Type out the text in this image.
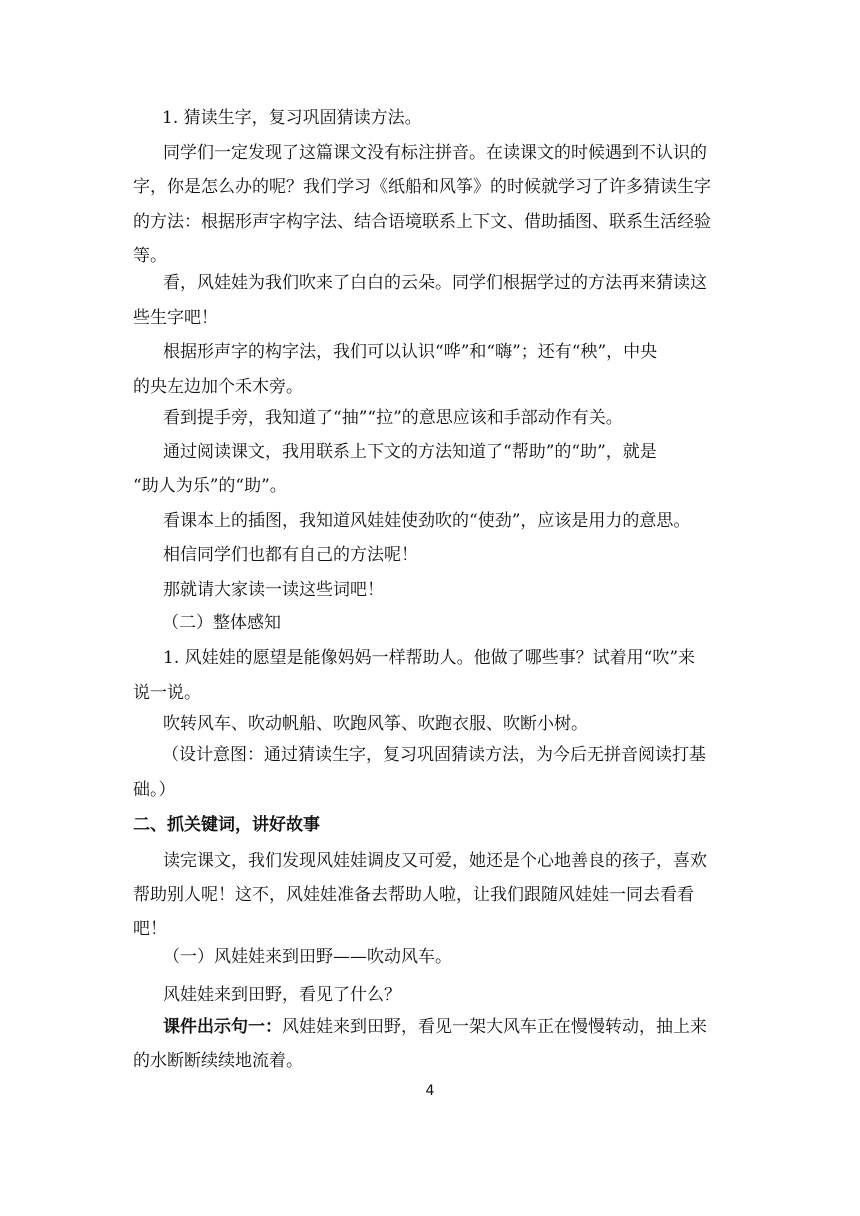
1. 猜读生字，复习巩固猜读方法。
同学们一定发现了这篇课文没有标注拼音。在读课文的时候遇到不认识的
字，你是怎么办的呢？我们学习《纸船和风筝》的时候就学习了许多猜读生字
的方法：根据形声字构字法、结合语境联系上下文、借助插图、联系生活经验
等。
看，风娃娃为我们吹来了白白的云朵。同学们根据学过的方法再来猜读这
些生字吧！
根据形声字的构字法，我们可以认识“哗”和“嗨”；还有“秧”，中央
的央左边加个禾木旁。
看到提手旁，我知道了“抽”“拉”的意思应该和手部动作有关。
通过阅读课文，我用联系上下文的方法知道了“帮助”的“助”，就是
“助人为乐”的“助”。
看课本上的插图，我知道风娃娃使劲吹的“使劲”，应该是用力的意思。
相信同学们也都有自己的方法呢！
那就请大家读一读这些词吧！
（二）整体感知
1. 风娃娃的愿望是能像妈妈一样帮助人。他做了哪些事？试着用“吹”来
说一说。
吹转风车、吹动帆船、吹跑风筝、吹跑衣服、吹断小树。
（设计意图：通过猜读生字，复习巩固猜读方法，为今后无拼音阅读打基
础。）
二、抓关键词，讲好故事
读完课文，我们发现风娃娃调皮又可爱，她还是个心地善良的孩子，喜欢
帮助别人呢！这不，风娃娃准备去帮助人啦，让我们跟随风娃娃一同去看看
吧！
（一）风娃娃来到田野——吹动风车。
风娃娃来到田野，看见了什么？
课件出示句一：风娃娃来到田野，看见一架大风车正在慢慢转动，抽上来
的水断断续续地流着。
4
